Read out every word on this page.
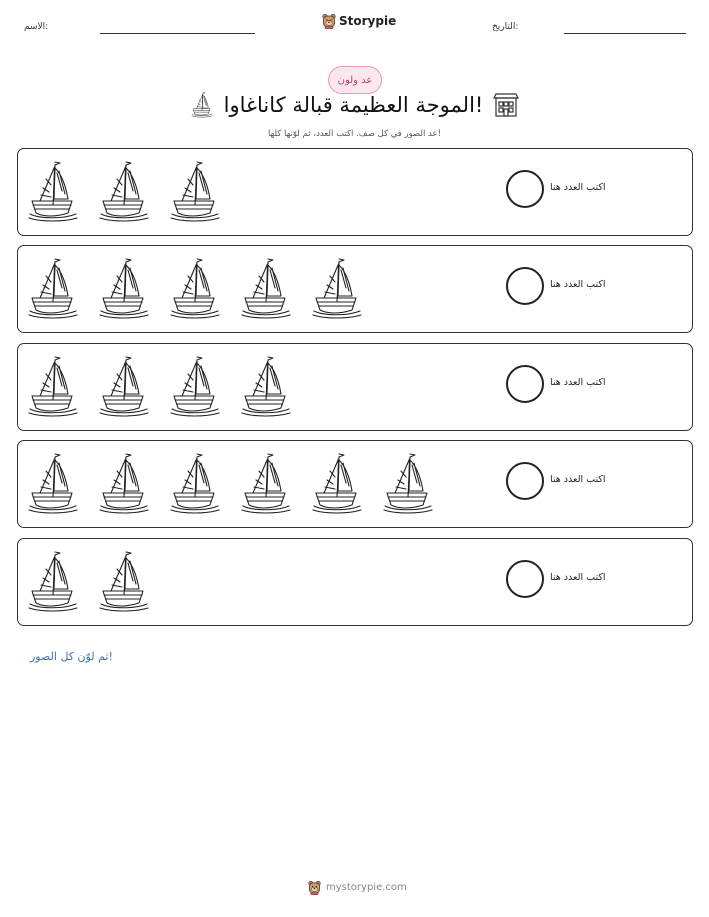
الاسم:	Storypie	التاريخ:
عد ولون
الموجة العظيمة قبالة كاناغاوا!
عد الصور في كل صف. اكتب العدد، ثم لوّنها كلها!
اكتب العدد هنا
اكتب العدد هنا
اكتب العدد هنا
اكتب العدد هنا
اكتب العدد هنا
ثم لوّن كل الصور!
mystorypie.com
